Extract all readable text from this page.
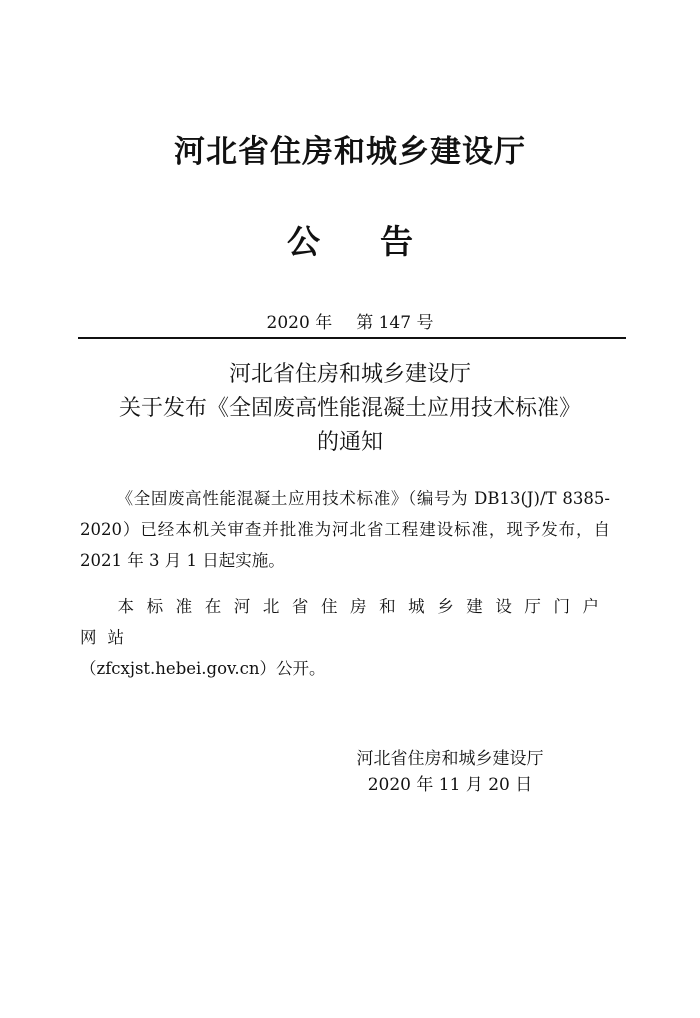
河北省住房和城乡建设厅
公告
2020 年 第 147 号
河北省住房和城乡建设厅
关于发布《全固废高性能混凝土应用技术标准》
的通知
《全固废高性能混凝土应用技术标准》（编号为 DB13(J)/T 8385-2020）已经本机关审查并批准为河北省工程建设标准，现予发布，自 2021 年 3 月 1 日起实施。
本标准在河北省住房和城乡建设厅门户网站
（zfcxjst.hebei.gov.cn）公开。
河北省住房和城乡建设厅
2020 年 11 月 20 日
